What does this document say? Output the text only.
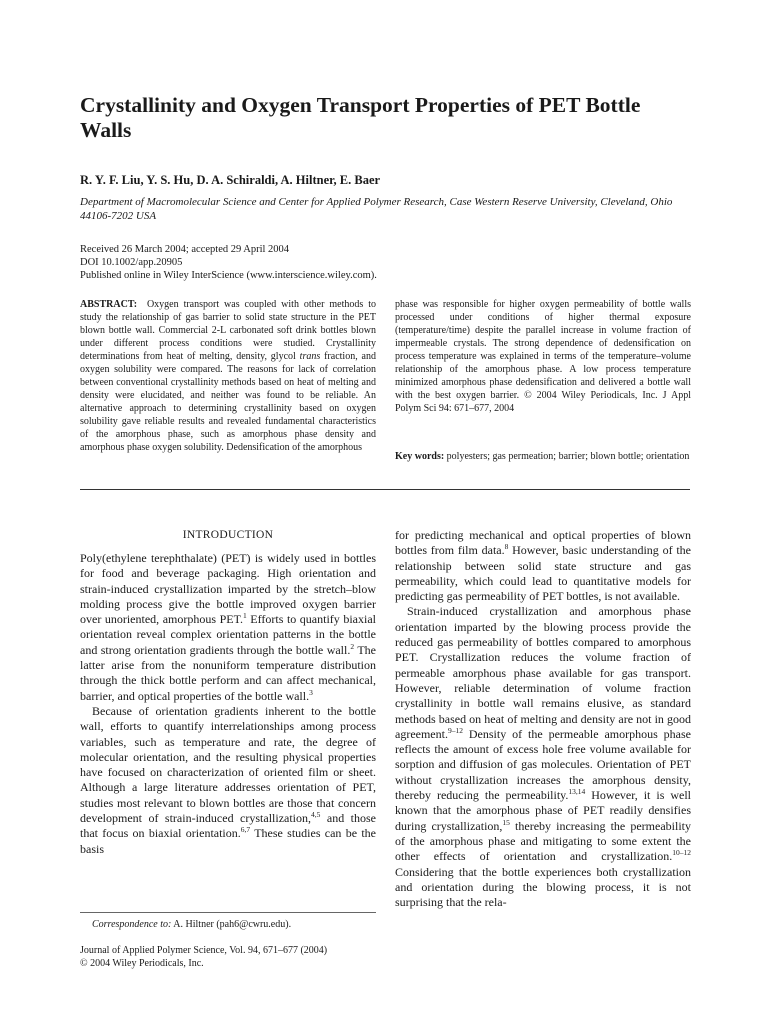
Crystallinity and Oxygen Transport Properties of PET Bottle Walls
R. Y. F. Liu, Y. S. Hu, D. A. Schiraldi, A. Hiltner, E. Baer
Department of Macromolecular Science and Center for Applied Polymer Research, Case Western Reserve University, Cleveland, Ohio 44106-7202 USA
Received 26 March 2004; accepted 29 April 2004
DOI 10.1002/app.20905
Published online in Wiley InterScience (www.interscience.wiley.com).
ABSTRACT: Oxygen transport was coupled with other methods to study the relationship of gas barrier to solid state structure in the PET blown bottle wall. Commercial 2-L carbonated soft drink bottles blown under different process conditions were studied. Crystallinity determinations from heat of melting, density, glycol trans fraction, and oxygen solubility were compared. The reasons for lack of correlation between conventional crystallinity methods based on heat of melting and density were elucidated, and neither was found to be reliable. An alternative approach to determining crystallinity based on oxygen solubility gave reliable results and revealed fundamental characteristics of the amorphous phase, such as amorphous phase density and amorphous phase oxygen solubility. Dedensification of the amorphous
phase was responsible for higher oxygen permeability of bottle walls processed under conditions of higher thermal exposure (temperature/time) despite the parallel increase in volume fraction of impermeable crystals. The strong dependence of dedensification on process temperature was explained in terms of the temperature–volume relationship of the amorphous phase. A low process temperature minimized amorphous phase dedensification and delivered a bottle wall with the best oxygen barrier. © 2004 Wiley Periodicals, Inc. J Appl Polym Sci 94: 671–677, 2004
Key words: polyesters; gas permeation; barrier; blown bottle; orientation
INTRODUCTION

Poly(ethylene terephthalate) (PET) is widely used in bottles for food and beverage packaging. High orientation and strain-induced crystallization imparted by the stretch–blow molding process give the bottle improved oxygen barrier over unoriented, amorphous PET.$^1$ Efforts to quantify biaxial orientation reveal complex orientation patterns in the bottle and strong orientation gradients through the bottle wall.$^2$ The latter arise from the nonuniform temperature distribution through the thick bottle perform and can affect mechanical, barrier, and optical properties of the bottle wall.$^3$

Because of orientation gradients inherent to the bottle wall, efforts to quantify interrelationships among process variables, such as temperature and rate, the degree of molecular orientation, and the resulting physical properties have focused on characterization of oriented film or sheet. Although a large literature addresses orientation of PET, studies most relevant to blown bottles are those that concern development of strain-induced crystallization,$^{4,5}$ and those that focus on biaxial orientation.$^{6,7}$ These studies can be the basis

for predicting mechanical and optical properties of blown bottles from film data.$^8$ However, basic understanding of the relationship between solid state structure and gas permeability, which could lead to quantitative models for predicting gas permeability of PET bottles, is not available.

Strain-induced crystallization and amorphous phase orientation imparted by the blowing process provide the reduced gas permeability of bottles compared to amorphous PET. Crystallization reduces the volume fraction of permeable amorphous phase available for gas transport. However, reliable determination of volume fraction crystallinity in bottle wall remains elusive, as standard methods based on heat of melting and density are not in good agreement.$^{9-12}$ Density of the permeable amorphous phase reflects the amount of excess hole free volume available for sorption and diffusion of gas molecules. Orientation of PET without crystallization increases the amorphous density, thereby reducing the permeability.$^{13,14}$ However, it is well known that the amorphous phase of PET readily densifies during crystallization,$^{15}$ thereby increasing the permeability of the amorphous phase and mitigating to some extent the other effects of orientation and crystallization.$^{10-12}$ Considering that the bottle experiences both crystallization and orientation during the blowing process, it is not surprising that the rela-

Correspondence to: A. Hiltner (pah6@cwru.edu).
Journal of Applied Polymer Science, Vol. 94, 671–677 (2004)
© 2004 Wiley Periodicals, Inc.
